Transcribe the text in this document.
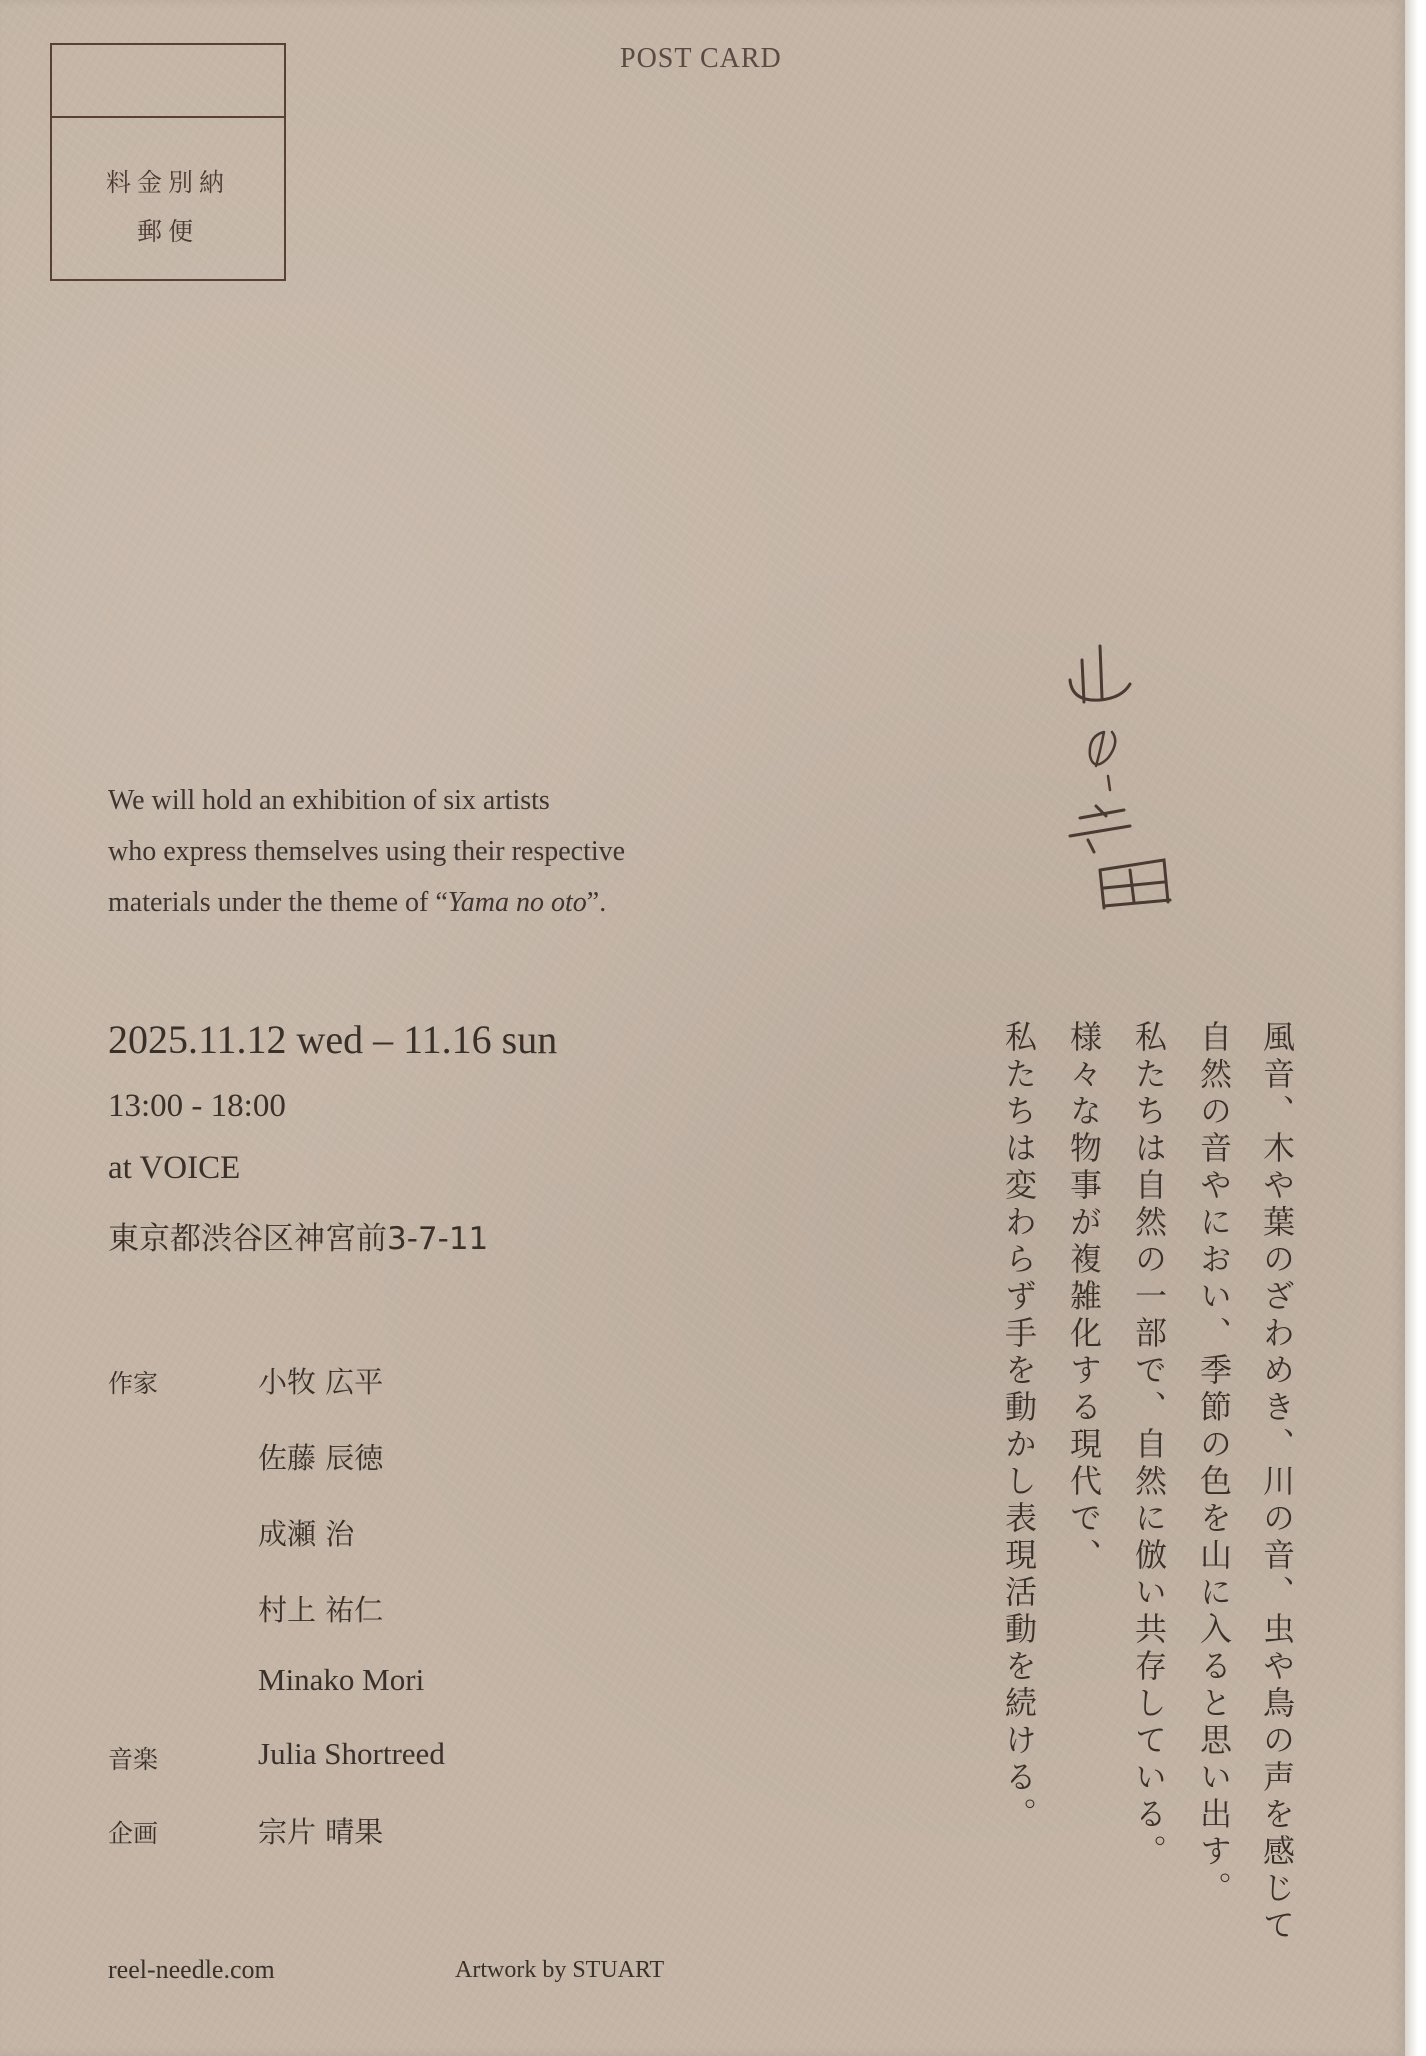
料金別納
郵便
POST CARD

We will hold an exhibition of six artists

who express themselves using their respective

materials under the theme of “Yama no oto”.

2025.11.12 wed – 11.16 sun
13:00 - 18:00
at VOICE
東京都渋谷区神宮前3-7-11
作家	小牧 広平
佐藤 辰徳
成瀬 治
村上 祐仁
Minako Mori
音楽	Julia Shortreed
企画	宗片 晴果
reel-needle.com	Artwork by STUART
風音、木や葉のざわめき、川の音、虫や鳥の声を感じて
自然の音やにおい、季節の色を山に入ると思い出す。
私たちは自然の一部で、自然に倣い共存している。
様々な物事が複雑化する現代で、
私たちは変わらず手を動かし表現活動を続ける。
